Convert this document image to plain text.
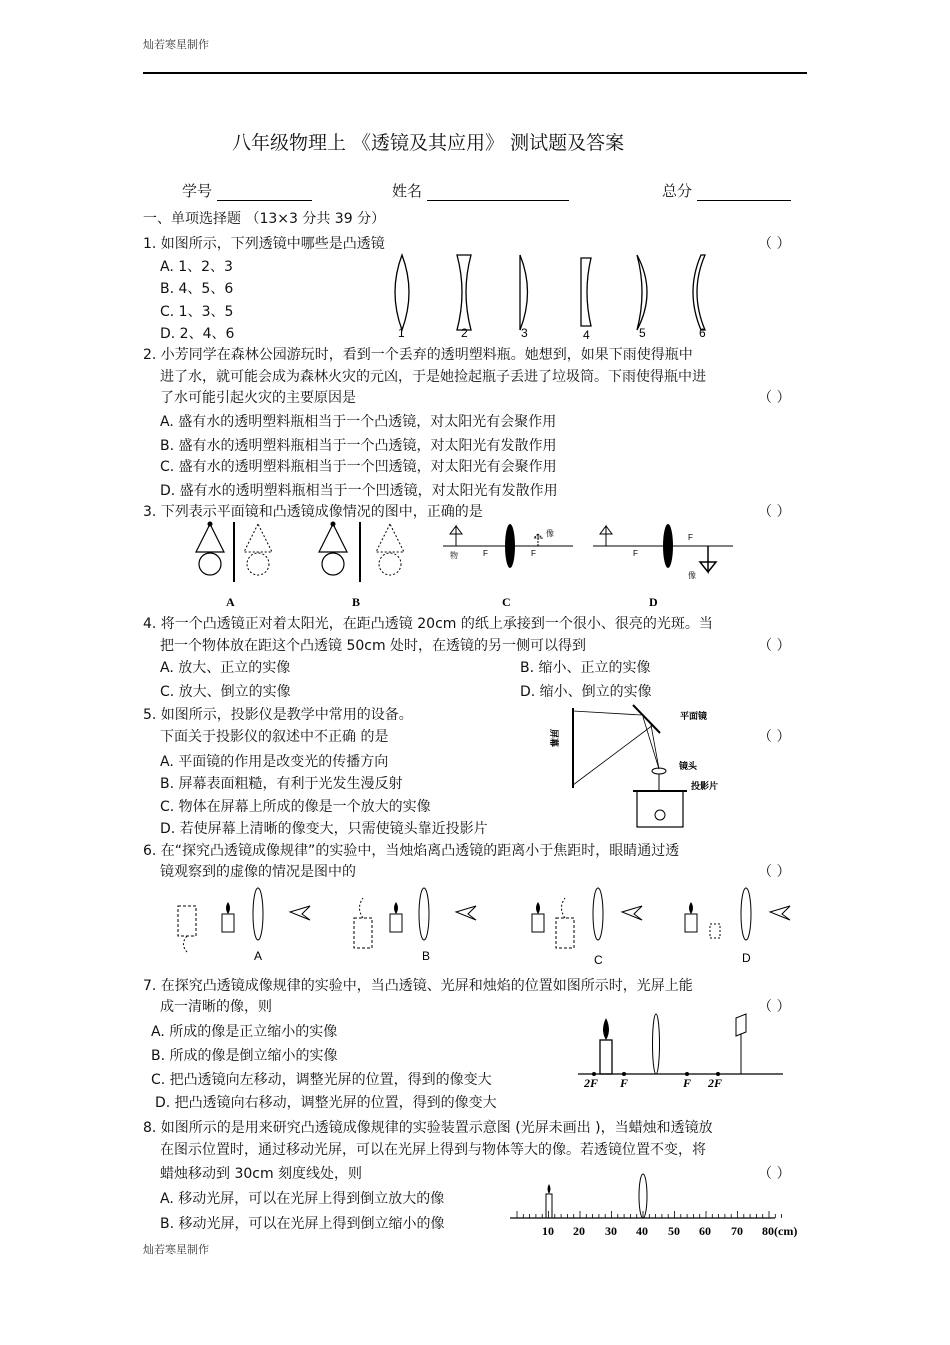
灿若寒星制作
灿若寒星制作
八年级物理上 《透镜及其应用》 测试题及答案
学号	姓名	总分
一、单项选择题 （13×3 分共 39 分）
1. 如图所示，下列透镜中哪些是凸透镜	（ ）
A. 1、2、3
B. 4、5、6
C. 1、3、5
D. 2、4、6	1	2	3	4	5	6
2. 小芳同学在森林公园游玩时，看到一个丢弃的透明塑料瓶。她想到，如果下雨使得瓶中
进了水，就可能会成为森林火灾的元凶，于是她捡起瓶子丢进了垃圾筒。下雨使得瓶中进
了水可能引起火灾的主要原因是	（ ）
A. 盛有水的透明塑料瓶相当于一个凸透镜，对太阳光有会聚作用
B. 盛有水的透明塑料瓶相当于一个凸透镜，对太阳光有发散作用
C. 盛有水的透明塑料瓶相当于一个凹透镜，对太阳光有会聚作用
D. 盛有水的透明塑料瓶相当于一个凹透镜，对太阳光有发散作用
3. 下列表示平面镜和凸透镜成像情况的图中，正确的是	（ ）
A	B
物	F	F
像
C
F
F
像
D
4. 将一个凸透镜正对着太阳光，在距凸透镜 20cm 的纸上承接到一个很小、很亮的光斑。当
把一个物体放在距这个凸透镜 50cm 处时，在透镜的另一侧可以得到	（ ）
A. 放大、正立的实像	B. 缩小、正立的实像
C. 放大、倒立的实像	D. 缩小、倒立的实像
5. 如图所示，投影仪是教学中常用的设备。
下面关于投影仪的叙述中不正确 的是	（ ）
A. 平面镜的作用是改变光的传播方向
B. 屏幕表面粗糙，有利于光发生漫反射
C. 物体在屏幕上所成的像是一个放大的实像
D. 若使屏幕上清晰的像变大，只需使镜头靠近投影片
屏幕
平面镜
镜头
投影片
6. 在“探究凸透镜成像规律”的实验中，当烛焰离凸透镜的距离小于焦距时，眼睛通过透
镜观察到的虚像的情况是图中的	（ ）
A	B	C	D
7. 在探究凸透镜成像规律的实验中，当凸透镜、光屏和烛焰的位置如图所示时，光屏上能
成一清晰的像，则	（ ）
A. 所成的像是正立缩小的实像
B. 所成的像是倒立缩小的实像
C. 把凸透镜向左移动，调整光屏的位置，得到的像变大
D. 把凸透镜向右移动，调整光屏的位置，得到的像变大
2F F	F 2F
8. 如图所示的是用来研究凸透镜成像规律的实验装置示意图 (光屏未画出 )，当蜡烛和透镜放
在图示位置时，通过移动光屏，可以在光屏上得到与物体等大的像。若透镜位置不变，将
蜡烛移动到 30cm 刻度线处，则	（ ）
A. 移动光屏，可以在光屏上得到倒立放大的像
B. 移动光屏，可以在光屏上得到倒立缩小的像	10 20 30 40 50 60 70 80(cm)
